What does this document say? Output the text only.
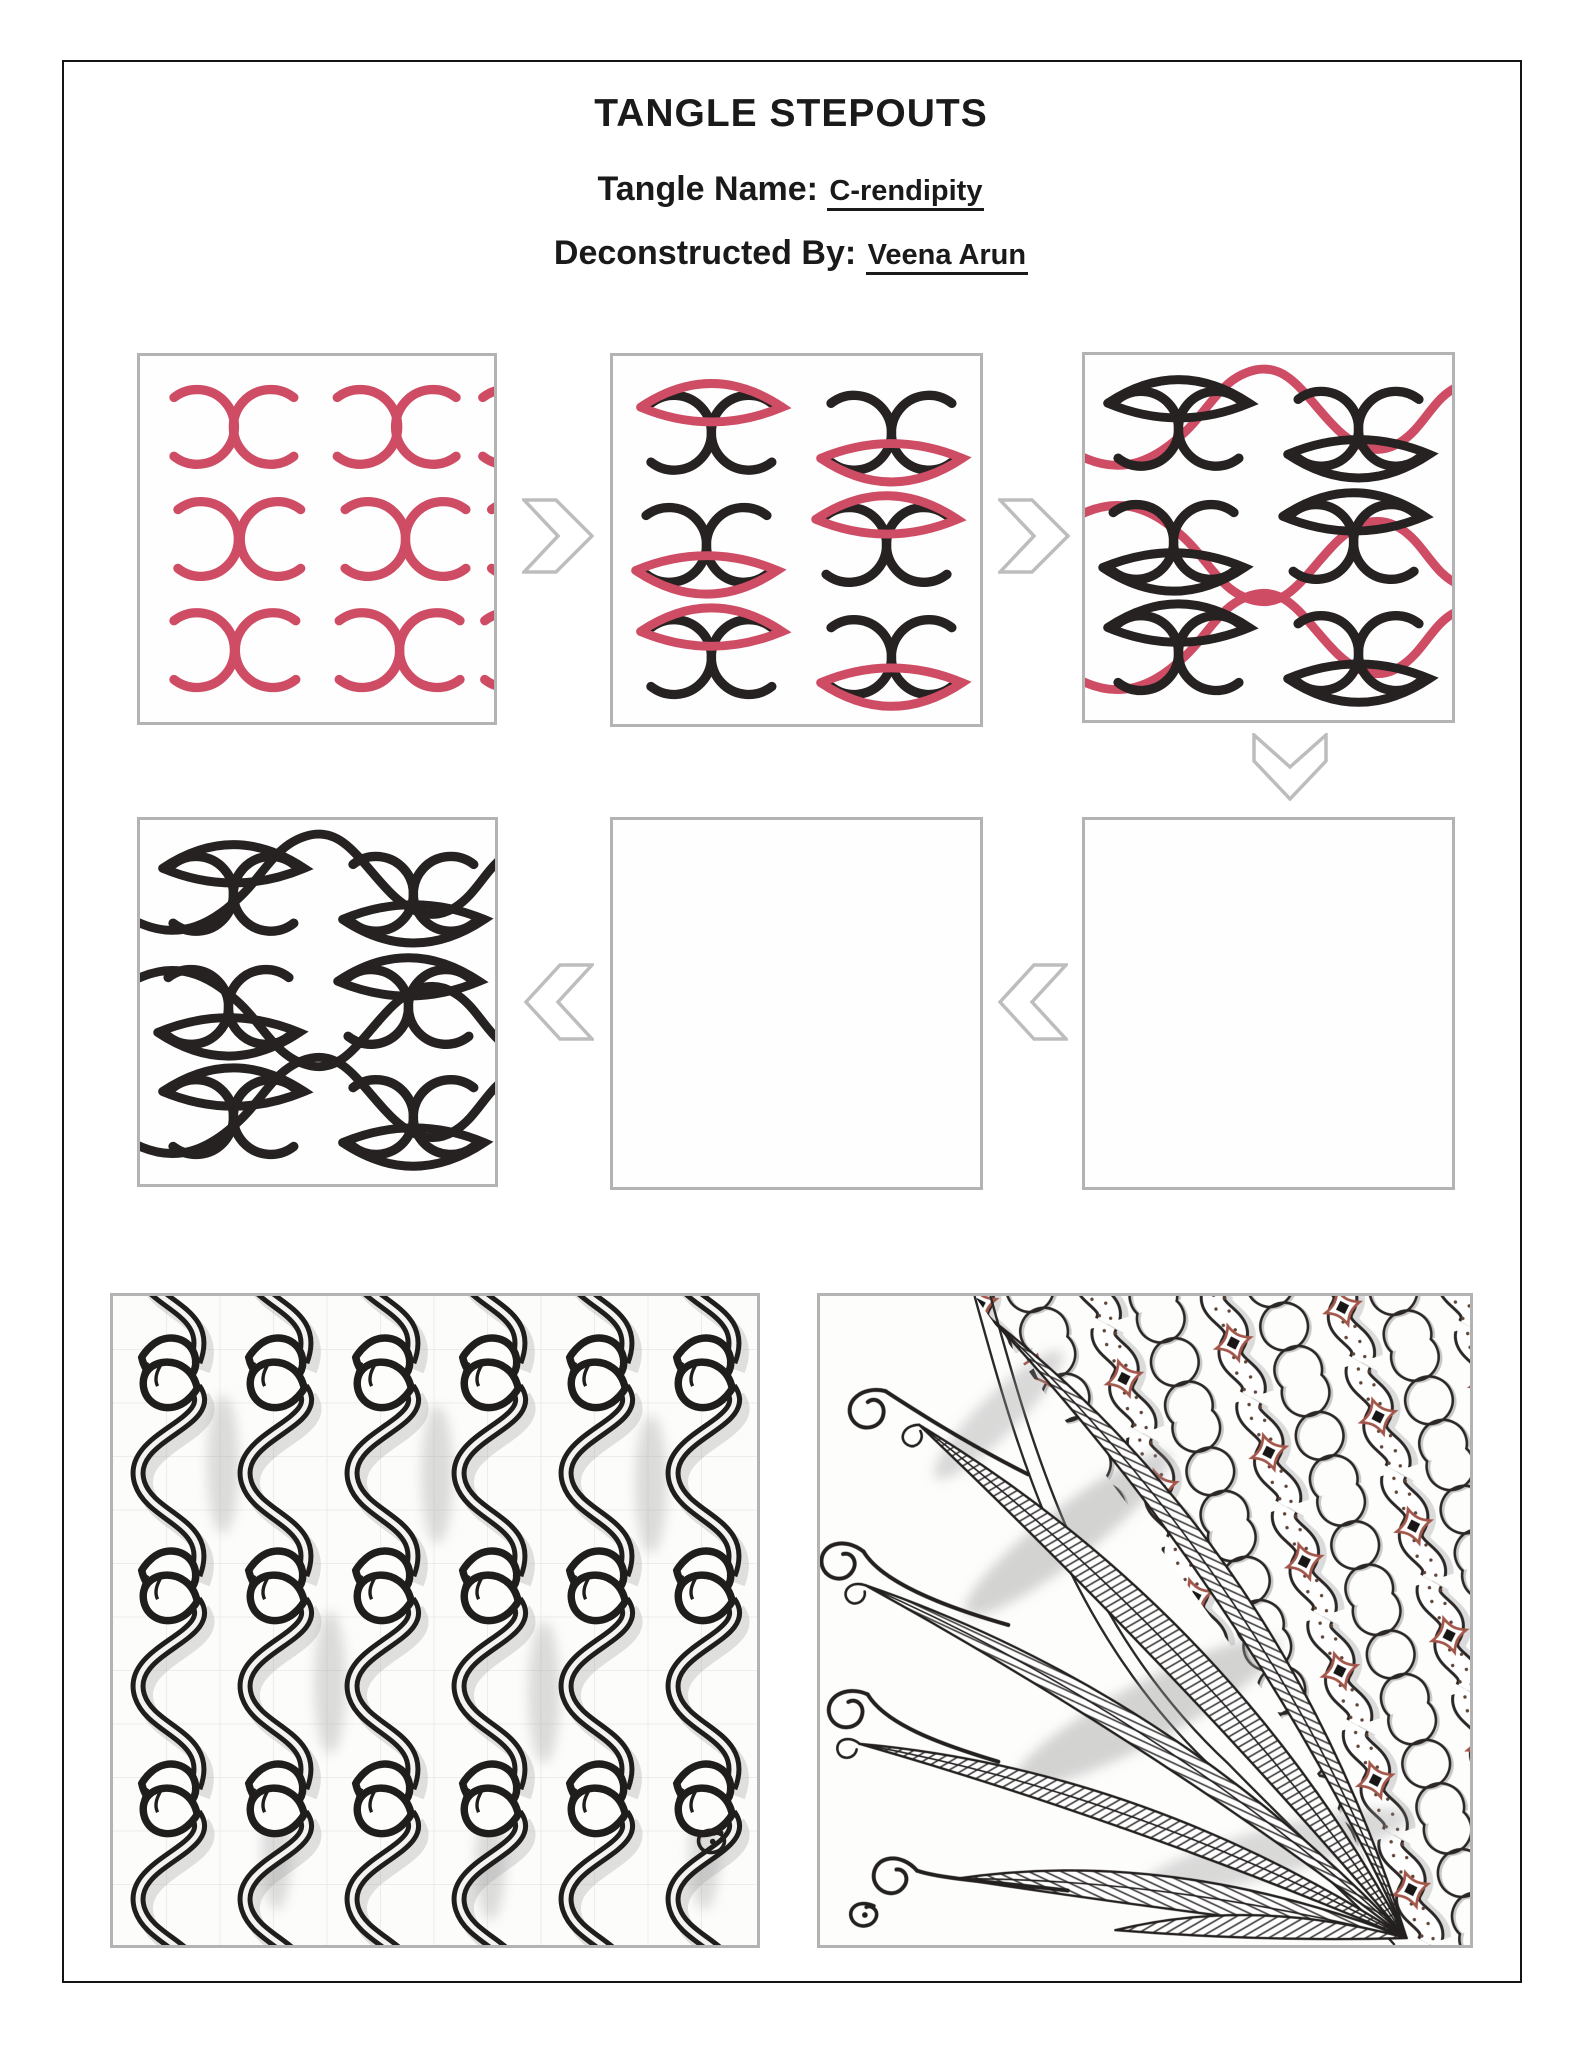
TANGLE STEPOUTS
Tangle Name: C-rendipity
Deconstructed By: Veena Arun
